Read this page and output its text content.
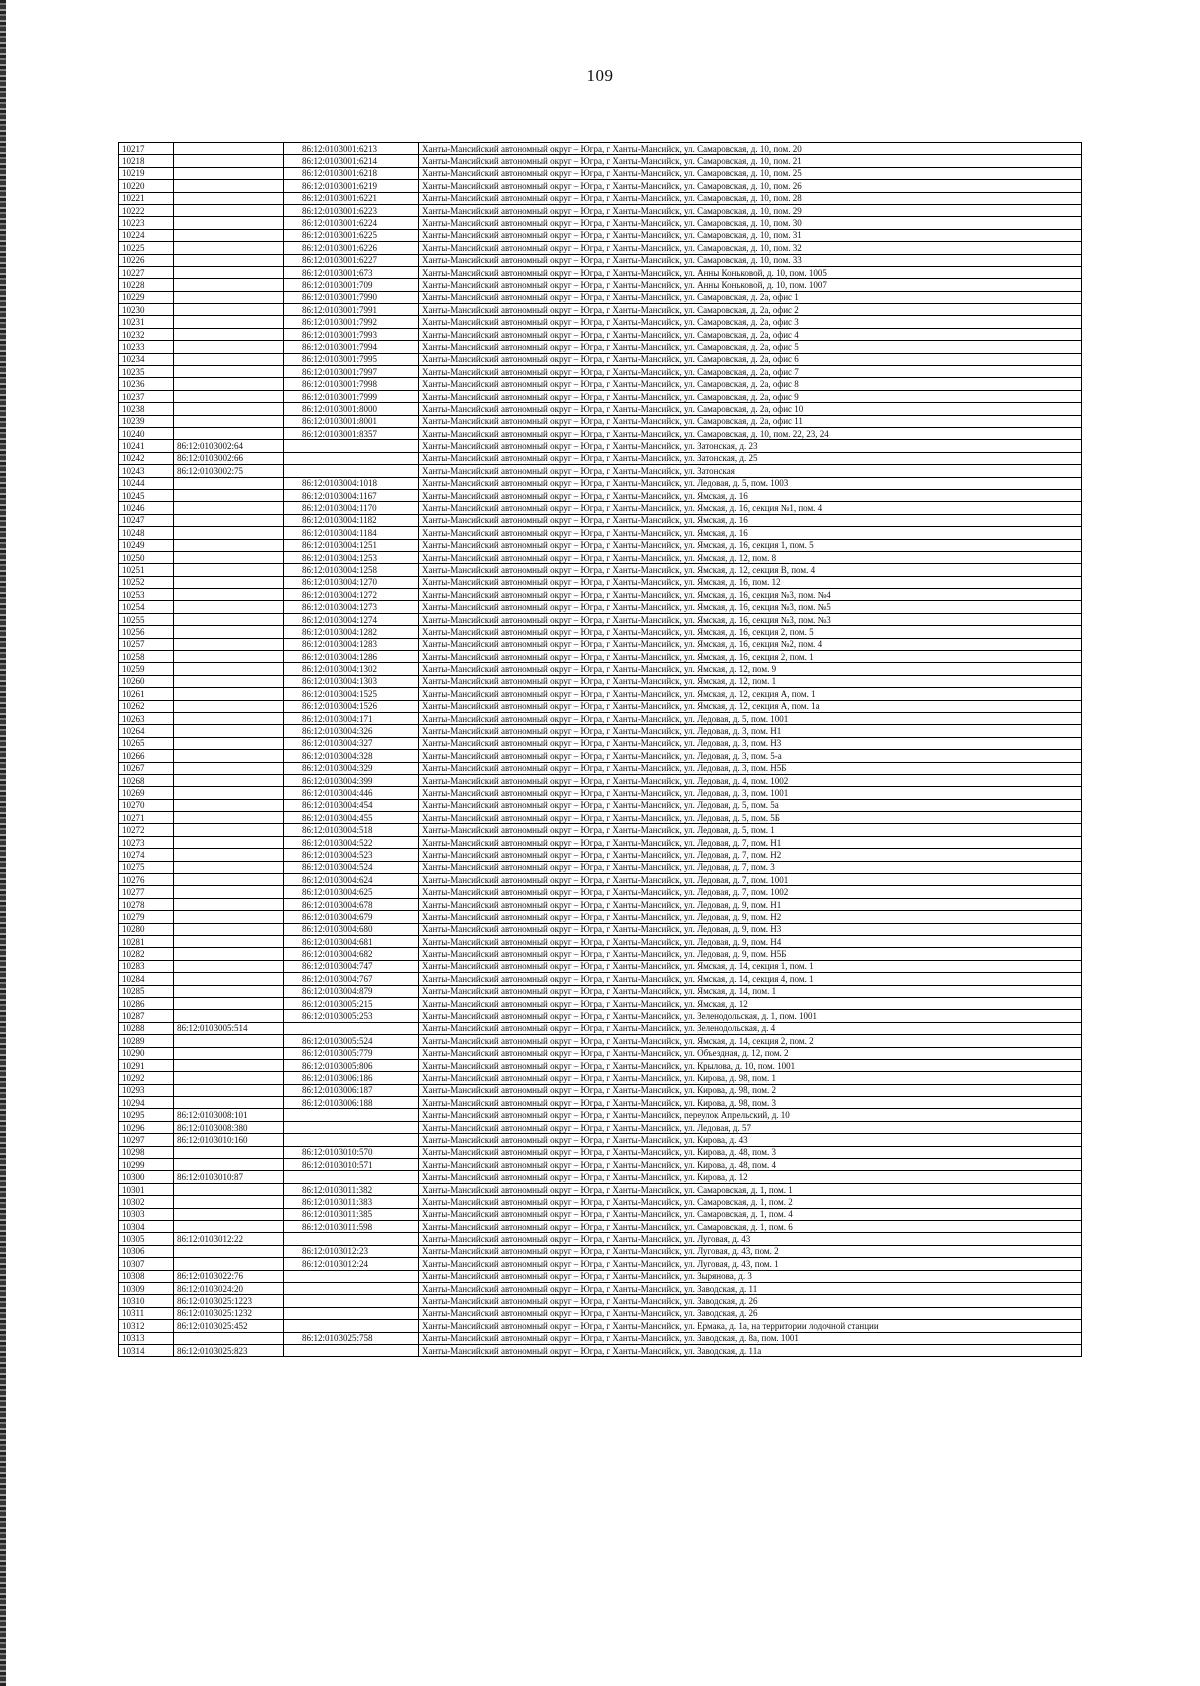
109
10217		86:12:0103001:6213	Ханты-Мансийский автономный округ – Югра, г Ханты-Мансийск, ул. Самаровская, д. 10, пом. 20
10218		86:12:0103001:6214	Ханты-Мансийский автономный округ – Югра, г Ханты-Мансийск, ул. Самаровская, д. 10, пом. 21
10219		86:12:0103001:6218	Ханты-Мансийский автономный округ – Югра, г Ханты-Мансийск, ул. Самаровская, д. 10, пом. 25
10220		86:12:0103001:6219	Ханты-Мансийский автономный округ – Югра, г Ханты-Мансийск, ул. Самаровская, д. 10, пом. 26
10221		86:12:0103001:6221	Ханты-Мансийский автономный округ – Югра, г Ханты-Мансийск, ул. Самаровская, д. 10, пом. 28
10222		86:12:0103001:6223	Ханты-Мансийский автономный округ – Югра, г Ханты-Мансийск, ул. Самаровская, д. 10, пом. 29
10223		86:12:0103001:6224	Ханты-Мансийский автономный округ – Югра, г Ханты-Мансийск, ул. Самаровская, д. 10, пом. 30
10224		86:12:0103001:6225	Ханты-Мансийский автономный округ – Югра, г Ханты-Мансийск, ул. Самаровская, д. 10, пом. 31
10225		86:12:0103001:6226	Ханты-Мансийский автономный округ – Югра, г Ханты-Мансийск, ул. Самаровская, д. 10, пом. 32
10226		86:12:0103001:6227	Ханты-Мансийский автономный округ – Югра, г Ханты-Мансийск, ул. Самаровская, д. 10, пом. 33
10227		86:12:0103001:673	Ханты-Мансийский автономный округ – Югра, г Ханты-Мансийск, ул. Анны Коньковой, д. 10, пом. 1005
10228		86:12:0103001:709	Ханты-Мансийский автономный округ – Югра, г Ханты-Мансийск, ул. Анны Коньковой, д. 10, пом. 1007
10229		86:12:0103001:7990	Ханты-Мансийский автономный округ – Югра, г Ханты-Мансийск, ул. Самаровская, д. 2а, офис 1
10230		86:12:0103001:7991	Ханты-Мансийский автономный округ – Югра, г Ханты-Мансийск, ул. Самаровская, д. 2а, офис 2
10231		86:12:0103001:7992	Ханты-Мансийский автономный округ – Югра, г Ханты-Мансийск, ул. Самаровская, д. 2а, офис 3
10232		86:12:0103001:7993	Ханты-Мансийский автономный округ – Югра, г Ханты-Мансийск, ул. Самаровская, д. 2а, офис 4
10233		86:12:0103001:7994	Ханты-Мансийский автономный округ – Югра, г Ханты-Мансийск, ул. Самаровская, д. 2а, офис 5
10234		86:12:0103001:7995	Ханты-Мансийский автономный округ – Югра, г Ханты-Мансийск, ул. Самаровская, д. 2а, офис 6
10235		86:12:0103001:7997	Ханты-Мансийский автономный округ – Югра, г Ханты-Мансийск, ул. Самаровская, д. 2а, офис 7
10236		86:12:0103001:7998	Ханты-Мансийский автономный округ – Югра, г Ханты-Мансийск, ул. Самаровская, д. 2а, офис 8
10237		86:12:0103001:7999	Ханты-Мансийский автономный округ – Югра, г Ханты-Мансийск, ул. Самаровская, д. 2а, офис 9
10238		86:12:0103001:8000	Ханты-Мансийский автономный округ – Югра, г Ханты-Мансийск, ул. Самаровская, д. 2а, офис 10
10239		86:12:0103001:8001	Ханты-Мансийский автономный округ – Югра, г Ханты-Мансийск, ул. Самаровская, д. 2а, офис 11
10240		86:12:0103001:8357	Ханты-Мансийский автономный округ – Югра, г Ханты-Мансийск, ул. Самаровская, д. 10, пом. 22, 23, 24
10241	86:12:0103002:64		Ханты-Мансийский автономный округ – Югра, г Ханты-Мансийск, ул. Затонская, д. 23
10242	86:12:0103002:66		Ханты-Мансийский автономный округ – Югра, г Ханты-Мансийск, ул. Затонская, д. 25
10243	86:12:0103002:75		Ханты-Мансийский автономный округ – Югра, г Ханты-Мансийск, ул. Затонская
10244		86:12:0103004:1018	Ханты-Мансийский автономный округ – Югра, г Ханты-Мансийск, ул. Ледовая, д. 5, пом. 1003
10245		86:12:0103004:1167	Ханты-Мансийский автономный округ – Югра, г Ханты-Мансийск, ул. Ямская, д. 16
10246		86:12:0103004:1170	Ханты-Мансийский автономный округ – Югра, г Ханты-Мансийск, ул. Ямская, д. 16, секция №1, пом. 4
10247		86:12:0103004:1182	Ханты-Мансийский автономный округ – Югра, г Ханты-Мансийск, ул. Ямская, д. 16
10248		86:12:0103004:1184	Ханты-Мансийский автономный округ – Югра, г Ханты-Мансийск, ул. Ямская, д. 16
10249		86:12:0103004:1251	Ханты-Мансийский автономный округ – Югра, г Ханты-Мансийск, ул. Ямская, д. 16, секция 1, пом. 5
10250		86:12:0103004:1253	Ханты-Мансийский автономный округ – Югра, г Ханты-Мансийск, ул. Ямская, д. 12, пом. 8
10251		86:12:0103004:1258	Ханты-Мансийский автономный округ – Югра, г Ханты-Мансийск, ул. Ямская, д. 12, секция В, пом. 4
10252		86:12:0103004:1270	Ханты-Мансийский автономный округ – Югра, г Ханты-Мансийск, ул. Ямская, д. 16, пом. 12
10253		86:12:0103004:1272	Ханты-Мансийский автономный округ – Югра, г Ханты-Мансийск, ул. Ямская, д. 16, секция №3, пом. №4
10254		86:12:0103004:1273	Ханты-Мансийский автономный округ – Югра, г Ханты-Мансийск, ул. Ямская, д. 16, секция №3, пом. №5
10255		86:12:0103004:1274	Ханты-Мансийский автономный округ – Югра, г Ханты-Мансийск, ул. Ямская, д. 16, секция №3, пом. №3
10256		86:12:0103004:1282	Ханты-Мансийский автономный округ – Югра, г Ханты-Мансийск, ул. Ямская, д. 16, секция 2, пом. 5
10257		86:12:0103004:1283	Ханты-Мансийский автономный округ – Югра, г Ханты-Мансийск, ул. Ямская, д. 16, секция №2, пом. 4
10258		86:12:0103004:1286	Ханты-Мансийский автономный округ – Югра, г Ханты-Мансийск, ул. Ямская, д. 16, секция 2, пом. 1
10259		86:12:0103004:1302	Ханты-Мансийский автономный округ – Югра, г Ханты-Мансийск, ул. Ямская, д. 12, пом. 9
10260		86:12:0103004:1303	Ханты-Мансийский автономный округ – Югра, г Ханты-Мансийск, ул. Ямская, д. 12, пом. 1
10261		86:12:0103004:1525	Ханты-Мансийский автономный округ – Югра, г Ханты-Мансийск, ул. Ямская, д. 12, секция А, пом. 1
10262		86:12:0103004:1526	Ханты-Мансийский автономный округ – Югра, г Ханты-Мансийск, ул. Ямская, д. 12, секция А, пом. 1а
10263		86:12:0103004:171	Ханты-Мансийский автономный округ – Югра, г Ханты-Мансийск, ул. Ледовая, д. 5, пом. 1001
10264		86:12:0103004:326	Ханты-Мансийский автономный округ – Югра, г Ханты-Мансийск, ул. Ледовая, д. 3, пом. Н1
10265		86:12:0103004:327	Ханты-Мансийский автономный округ – Югра, г Ханты-Мансийск, ул. Ледовая, д. 3, пом. Н3
10266		86:12:0103004:328	Ханты-Мансийский автономный округ – Югра, г Ханты-Мансийск, ул. Ледовая, д. 3, пом. 5-а
10267		86:12:0103004:329	Ханты-Мансийский автономный округ – Югра, г Ханты-Мансийск, ул. Ледовая, д. 3, пом. Н5Б
10268		86:12:0103004:399	Ханты-Мансийский автономный округ – Югра, г Ханты-Мансийск, ул. Ледовая, д. 4, пом. 1002
10269		86:12:0103004:446	Ханты-Мансийский автономный округ – Югра, г Ханты-Мансийск, ул. Ледовая, д. 3, пом. 1001
10270		86:12:0103004:454	Ханты-Мансийский автономный округ – Югра, г Ханты-Мансийск, ул. Ледовая, д. 5, пом. 5а
10271		86:12:0103004:455	Ханты-Мансийский автономный округ – Югра, г Ханты-Мансийск, ул. Ледовая, д. 5, пом. 5Б
10272		86:12:0103004:518	Ханты-Мансийский автономный округ – Югра, г Ханты-Мансийск, ул. Ледовая, д. 5, пом. 1
10273		86:12:0103004:522	Ханты-Мансийский автономный округ – Югра, г Ханты-Мансийск, ул. Ледовая, д. 7, пом. Н1
10274		86:12:0103004:523	Ханты-Мансийский автономный округ – Югра, г Ханты-Мансийск, ул. Ледовая, д. 7, пом. Н2
10275		86:12:0103004:524	Ханты-Мансийский автономный округ – Югра, г Ханты-Мансийск, ул. Ледовая, д. 7, пом. 3
10276		86:12:0103004:624	Ханты-Мансийский автономный округ – Югра, г Ханты-Мансийск, ул. Ледовая, д. 7, пом. 1001
10277		86:12:0103004:625	Ханты-Мансийский автономный округ – Югра, г Ханты-Мансийск, ул. Ледовая, д. 7, пом. 1002
10278		86:12:0103004:678	Ханты-Мансийский автономный округ – Югра, г Ханты-Мансийск, ул. Ледовая, д. 9, пом. Н1
10279		86:12:0103004:679	Ханты-Мансийский автономный округ – Югра, г Ханты-Мансийск, ул. Ледовая, д. 9, пом. Н2
10280		86:12:0103004:680	Ханты-Мансийский автономный округ – Югра, г Ханты-Мансийск, ул. Ледовая, д. 9, пом. Н3
10281		86:12:0103004:681	Ханты-Мансийский автономный округ – Югра, г Ханты-Мансийск, ул. Ледовая, д. 9, пом. Н4
10282		86:12:0103004:682	Ханты-Мансийский автономный округ – Югра, г Ханты-Мансийск, ул. Ледовая, д. 9, пом. Н5Б
10283		86:12:0103004:747	Ханты-Мансийский автономный округ – Югра, г Ханты-Мансийск, ул. Ямская, д. 14, секция 1, пом. 1
10284		86:12:0103004:767	Ханты-Мансийский автономный округ – Югра, г Ханты-Мансийск, ул. Ямская, д. 14, секция 4, пом. 1
10285		86:12:0103004:879	Ханты-Мансийский автономный округ – Югра, г Ханты-Мансийск, ул. Ямская, д. 14, пом. 1
10286		86:12:0103005:215	Ханты-Мансийский автономный округ – Югра, г Ханты-Мансийск, ул. Ямская, д. 12
10287		86:12:0103005:253	Ханты-Мансийский автономный округ – Югра, г Ханты-Мансийск, ул. Зеленодольская, д. 1, пом. 1001
10288	86:12:0103005:514		Ханты-Мансийский автономный округ – Югра, г Ханты-Мансийск, ул. Зеленодольская, д. 4
10289		86:12:0103005:524	Ханты-Мансийский автономный округ – Югра, г Ханты-Мансийск, ул. Ямская, д. 14, секция 2, пом. 2
10290		86:12:0103005:779	Ханты-Мансийский автономный округ – Югра, г Ханты-Мансийск, ул. Объездная, д. 12, пом. 2
10291		86:12:0103005:806	Ханты-Мансийский автономный округ – Югра, г Ханты-Мансийск, ул. Крылова, д. 10, пом. 1001
10292		86:12:0103006:186	Ханты-Мансийский автономный округ – Югра, г Ханты-Мансийск, ул. Кирова, д. 98, пом. 1
10293		86:12:0103006:187	Ханты-Мансийский автономный округ – Югра, г Ханты-Мансийск, ул. Кирова, д. 98, пом. 2
10294		86:12:0103006:188	Ханты-Мансийский автономный округ – Югра, г Ханты-Мансийск, ул. Кирова, д. 98, пом. 3
10295	86:12:0103008:101		Ханты-Мансийский автономный округ – Югра, г Ханты-Мансийск, переулок Апрельский, д. 10
10296	86:12:0103008:380		Ханты-Мансийский автономный округ – Югра, г Ханты-Мансийск, ул. Ледовая, д. 57
10297	86:12:0103010:160		Ханты-Мансийский автономный округ – Югра, г Ханты-Мансийск, ул. Кирова, д. 43
10298		86:12:0103010:570	Ханты-Мансийский автономный округ – Югра, г Ханты-Мансийск, ул. Кирова, д. 48, пом. 3
10299		86:12:0103010:571	Ханты-Мансийский автономный округ – Югра, г Ханты-Мансийск, ул. Кирова, д. 48, пом. 4
10300	86:12:0103010:87		Ханты-Мансийский автономный округ – Югра, г Ханты-Мансийск, ул. Кирова, д. 12
10301		86:12:0103011:382	Ханты-Мансийский автономный округ – Югра, г Ханты-Мансийск, ул. Самаровская, д. 1, пом. 1
10302		86:12:0103011:383	Ханты-Мансийский автономный округ – Югра, г Ханты-Мансийск, ул. Самаровская, д. 1, пом. 2
10303		86:12:0103011:385	Ханты-Мансийский автономный округ – Югра, г Ханты-Мансийск, ул. Самаровская, д. 1, пом. 4
10304		86:12:0103011:598	Ханты-Мансийский автономный округ – Югра, г Ханты-Мансийск, ул. Самаровская, д. 1, пом. 6
10305	86:12:0103012:22		Ханты-Мансийский автономный округ – Югра, г Ханты-Мансийск, ул. Луговая, д. 43
10306		86:12:0103012:23	Ханты-Мансийский автономный округ – Югра, г Ханты-Мансийск, ул. Луговая, д. 43, пом. 2
10307		86:12:0103012:24	Ханты-Мансийский автономный округ – Югра, г Ханты-Мансийск, ул. Луговая, д. 43, пом. 1
10308	86:12:0103022:76		Ханты-Мансийский автономный округ – Югра, г Ханты-Мансийск, ул. Зырянова, д. 3
10309	86:12:0103024:20		Ханты-Мансийский автономный округ – Югра, г Ханты-Мансийск, ул. Заводская, д. 11
10310	86:12:0103025:1223		Ханты-Мансийский автономный округ – Югра, г Ханты-Мансийск, ул. Заводская, д. 26
10311	86:12:0103025:1232		Ханты-Мансийский автономный округ – Югра, г Ханты-Мансийск, ул. Заводская, д. 26
10312	86:12:0103025:452		Ханты-Мансийский автономный округ – Югра, г Ханты-Мансийск, ул. Ермака, д. 1а, на территории лодочной станции
10313		86:12:0103025:758	Ханты-Мансийский автономный округ – Югра, г Ханты-Мансийск, ул. Заводская, д. 8а, пом. 1001
10314	86:12:0103025:823		Ханты-Мансийский автономный округ – Югра, г Ханты-Мансийск, ул. Заводская, д. 11а
